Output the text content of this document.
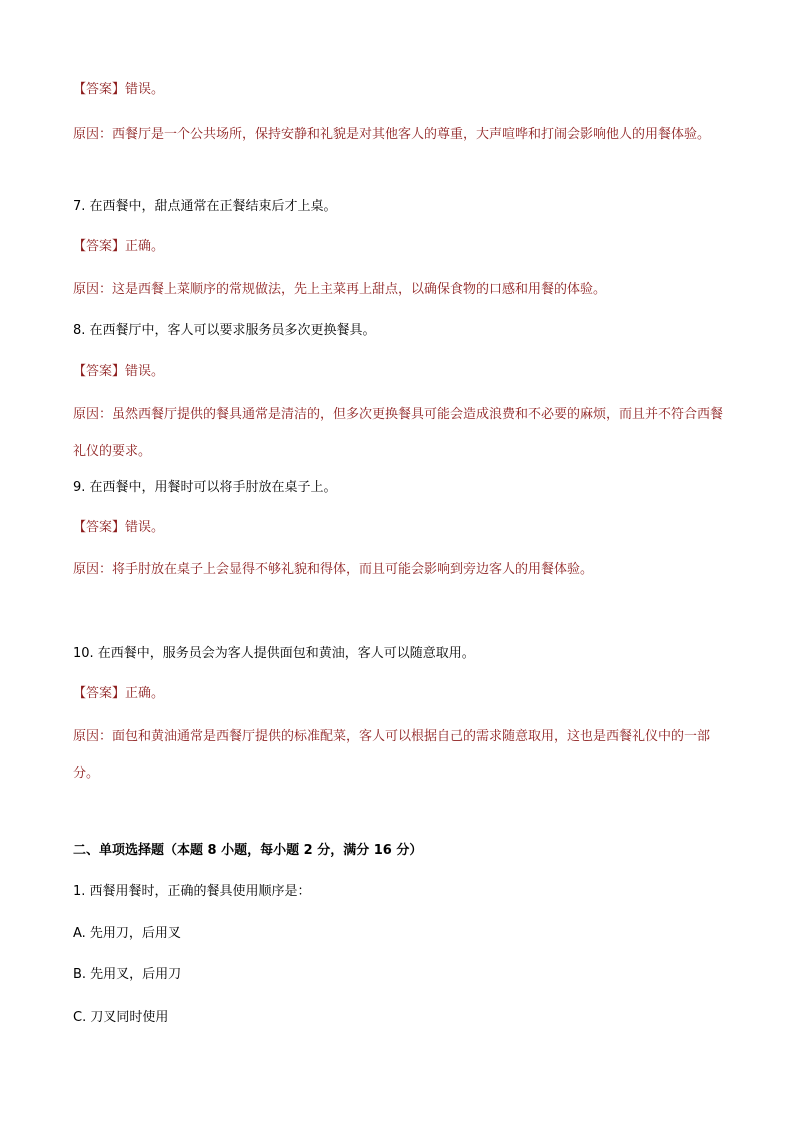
【答案】错误。
原因：西餐厅是一个公共场所，保持安静和礼貌是对其他客人的尊重，大声喧哗和打闹会影响他人的用餐体验。
7. 在西餐中，甜点通常在正餐结束后才上桌。
【答案】正确。
原因：这是西餐上菜顺序的常规做法，先上主菜再上甜点，以确保食物的口感和用餐的体验。
8. 在西餐厅中，客人可以要求服务员多次更换餐具。
【答案】错误。
原因：虽然西餐厅提供的餐具通常是清洁的，但多次更换餐具可能会造成浪费和不必要的麻烦，而且并不符合西餐礼仪的要求。
9. 在西餐中，用餐时可以将手肘放在桌子上。
【答案】错误。
原因：将手肘放在桌子上会显得不够礼貌和得体，而且可能会影响到旁边客人的用餐体验。
10. 在西餐中，服务员会为客人提供面包和黄油，客人可以随意取用。
【答案】正确。
原因：面包和黄油通常是西餐厅提供的标准配菜，客人可以根据自己的需求随意取用，这也是西餐礼仪中的一部分。
二、单项选择题（本题 8 小题，每小题 2 分，满分 16 分）
1. 西餐用餐时，正确的餐具使用顺序是：
A. 先用刀，后用叉
B. 先用叉，后用刀
C. 刀叉同时使用
